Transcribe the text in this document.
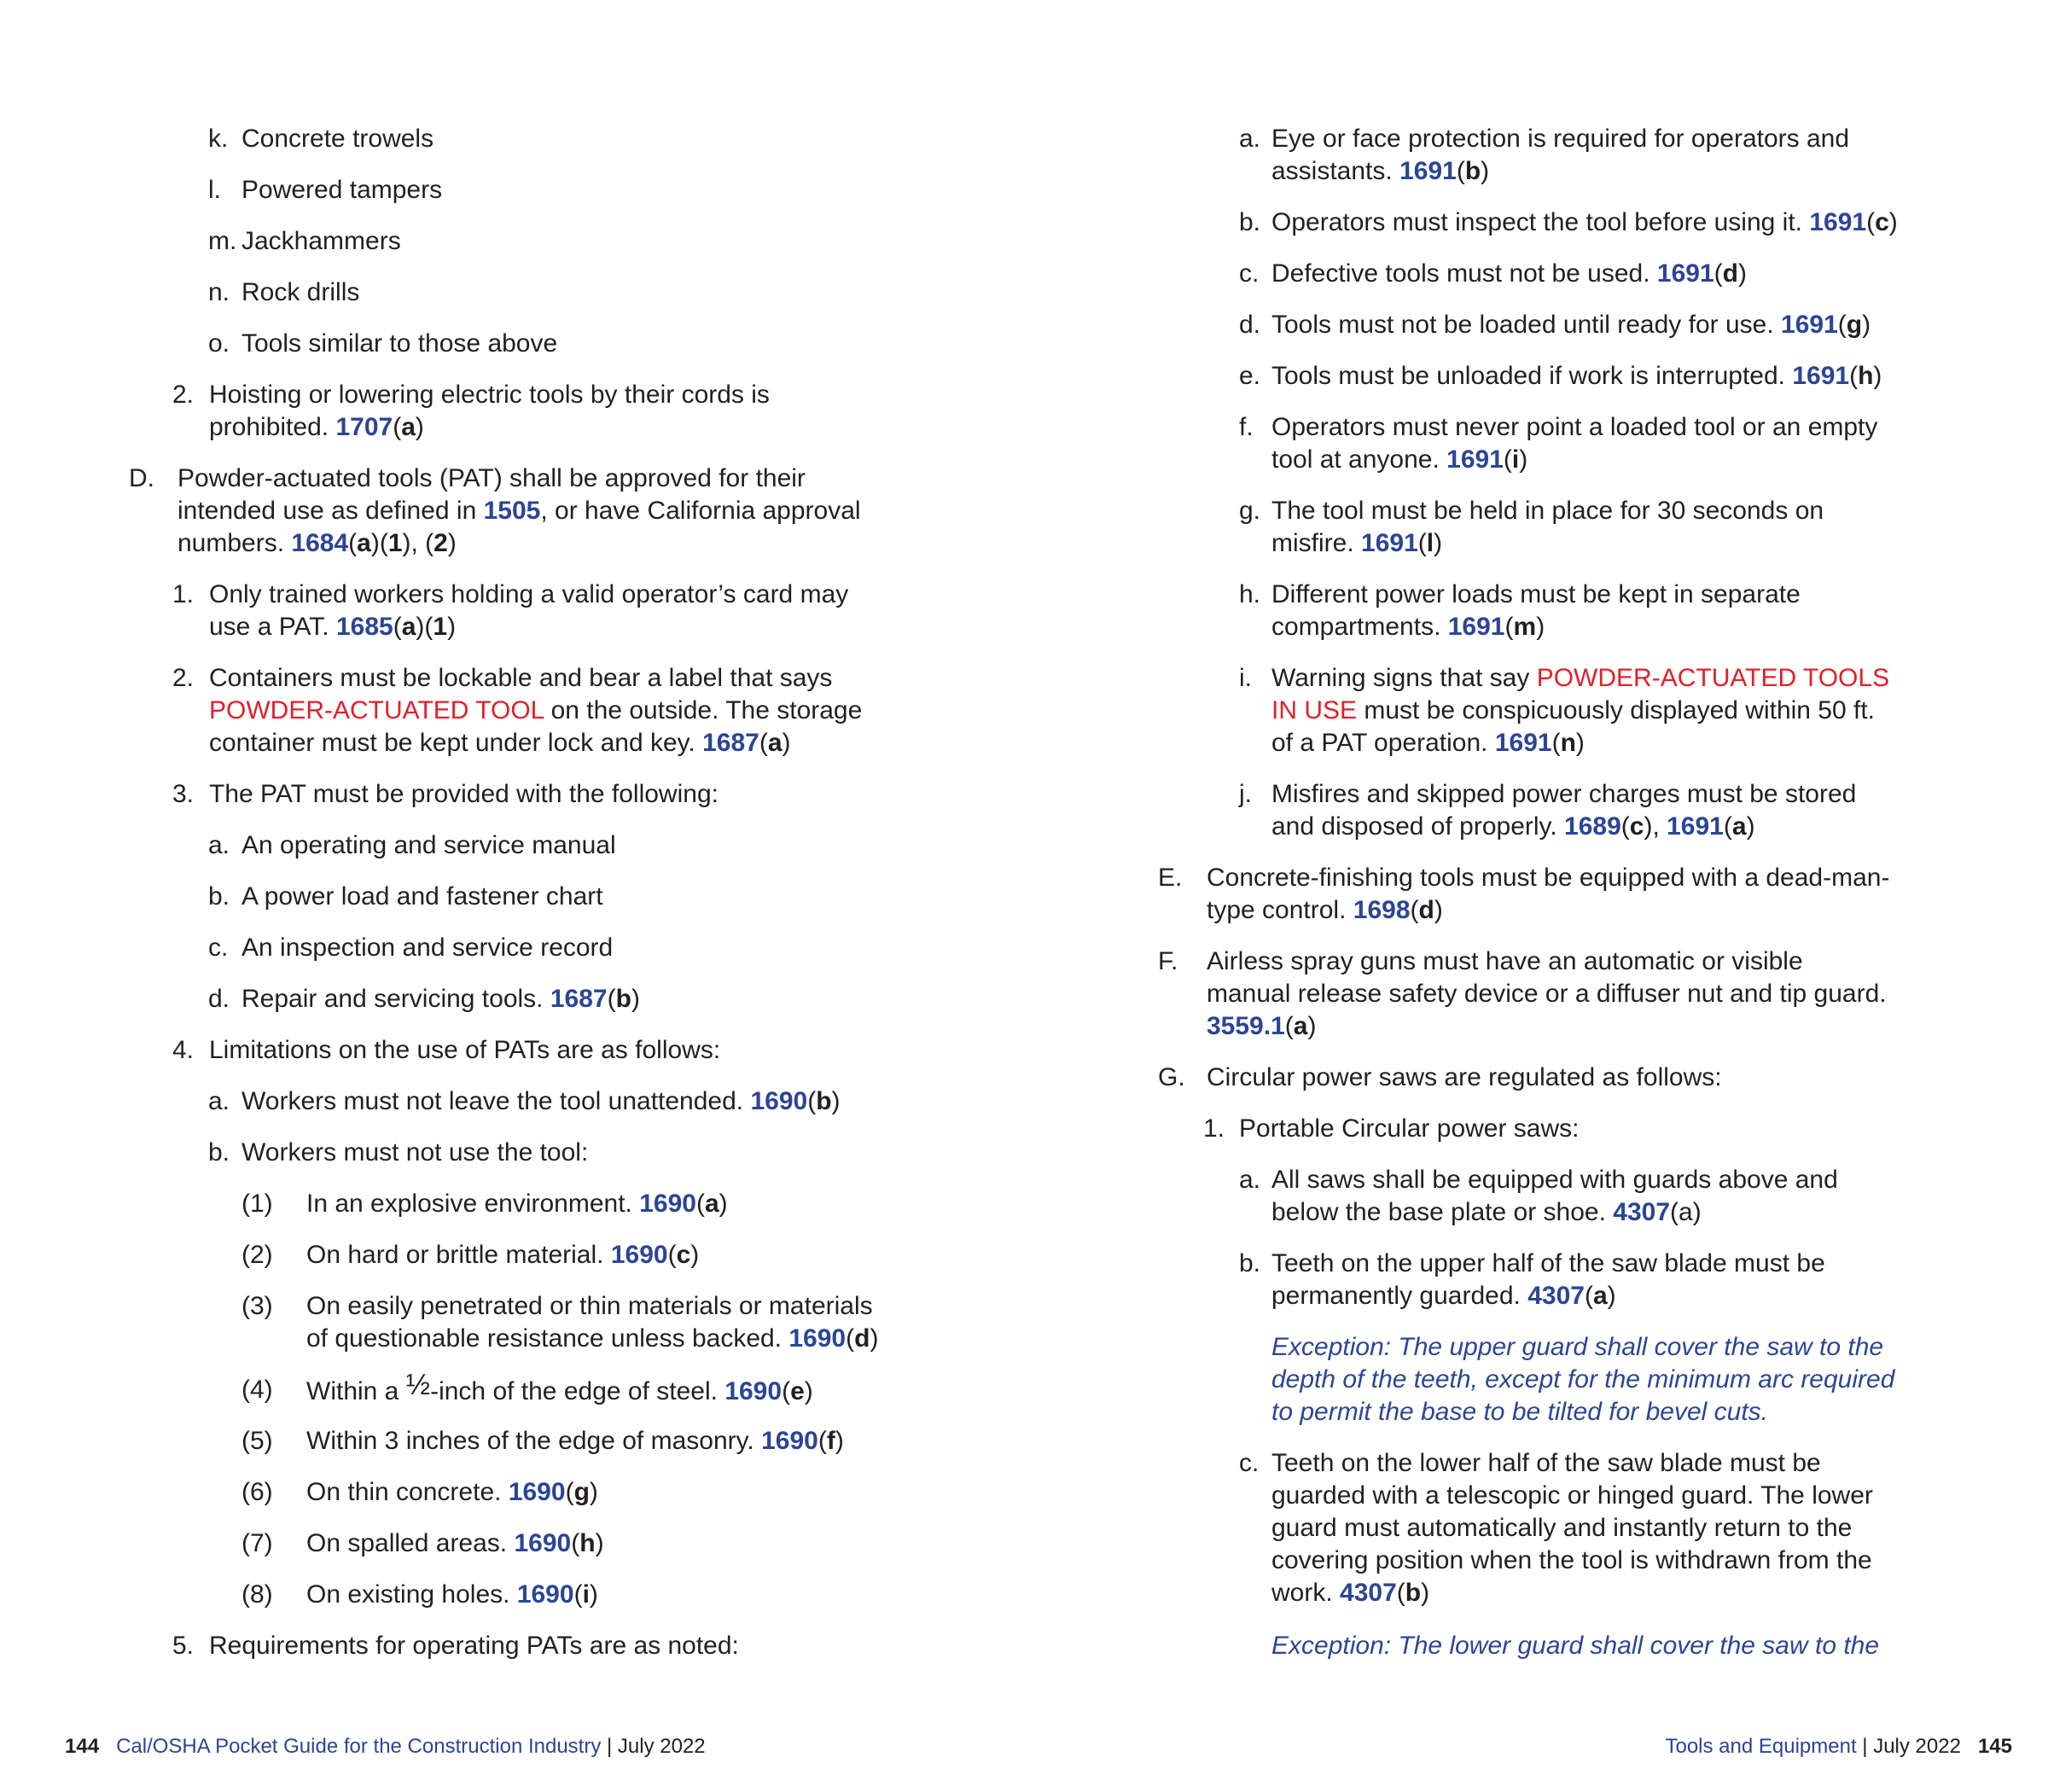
k. Concrete trowels
l. Powered tampers
m. Jackhammers
n. Rock drills
o. Tools similar to those above
2. Hoisting or lowering electric tools by their cords is
prohibited. 1707(a)
D. Powder-actuated tools (PAT) shall be approved for their
intended use as defined in 1505, or have California approval
numbers. 1684(a)(1), (2)
1. Only trained workers holding a valid operator’s card may
use a PAT. 1685(a)(1)
2. Containers must be lockable and bear a label that says
POWDER-ACTUATED TOOL on the outside. The storage
container must be kept under lock and key. 1687(a)
3. The PAT must be provided with the following:
a. An operating and service manual
b. A power load and fastener chart
c. An inspection and service record
d. Repair and servicing tools. 1687(b)
4. Limitations on the use of PATs are as follows:
a. Workers must not leave the tool unattended. 1690(b)
b. Workers must not use the tool:
(1) In an explosive environment. 1690(a)
(2) On hard or brittle material. 1690(c)
(3) On easily penetrated or thin materials or materials
of questionable resistance unless backed. 1690(d)
(4) Within a ½-inch of the edge of steel. 1690(e)
(5) Within 3 inches of the edge of masonry. 1690(f)
(6) On thin concrete. 1690(g)
(7) On spalled areas. 1690(h)
(8) On existing holes. 1690(i)
5. Requirements for operating PATs are as noted:
144 Cal/OSHA Pocket Guide for the Construction Industry | July 2022
a. Eye or face protection is required for operators and
assistants. 1691(b)
b. Operators must inspect the tool before using it. 1691(c)
c. Defective tools must not be used. 1691(d)
d. Tools must not be loaded until ready for use. 1691(g)
e. Tools must be unloaded if work is interrupted. 1691(h)
f. Operators must never point a loaded tool or an empty
tool at anyone. 1691(i)
g. The tool must be held in place for 30 seconds on
misfire. 1691(l)
h. Different power loads must be kept in separate
compartments. 1691(m)
i. Warning signs that say POWDER-ACTUATED TOOLS
IN USE must be conspicuously displayed within 50 ft.
of a PAT operation. 1691(n)
j. Misfires and skipped power charges must be stored
and disposed of properly. 1689(c), 1691(a)
E. Concrete-finishing tools must be equipped with a dead-man-
type control. 1698(d)
F. Airless spray guns must have an automatic or visible
manual release safety device or a diffuser nut and tip guard.
3559.1(a)
G. Circular power saws are regulated as follows:
1. Portable Circular power saws:
a. All saws shall be equipped with guards above and
below the base plate or shoe. 4307(a)
b. Teeth on the upper half of the saw blade must be
permanently guarded. 4307(a)
Exception: The upper guard shall cover the saw to the
depth of the teeth, except for the minimum arc required
to permit the base to be tilted for bevel cuts.
c. Teeth on the lower half of the saw blade must be
guarded with a telescopic or hinged guard. The lower
guard must automatically and instantly return to the
covering position when the tool is withdrawn from the
work. 4307(b)
Exception: The lower guard shall cover the saw to the
Tools and Equipment | July 2022 145
